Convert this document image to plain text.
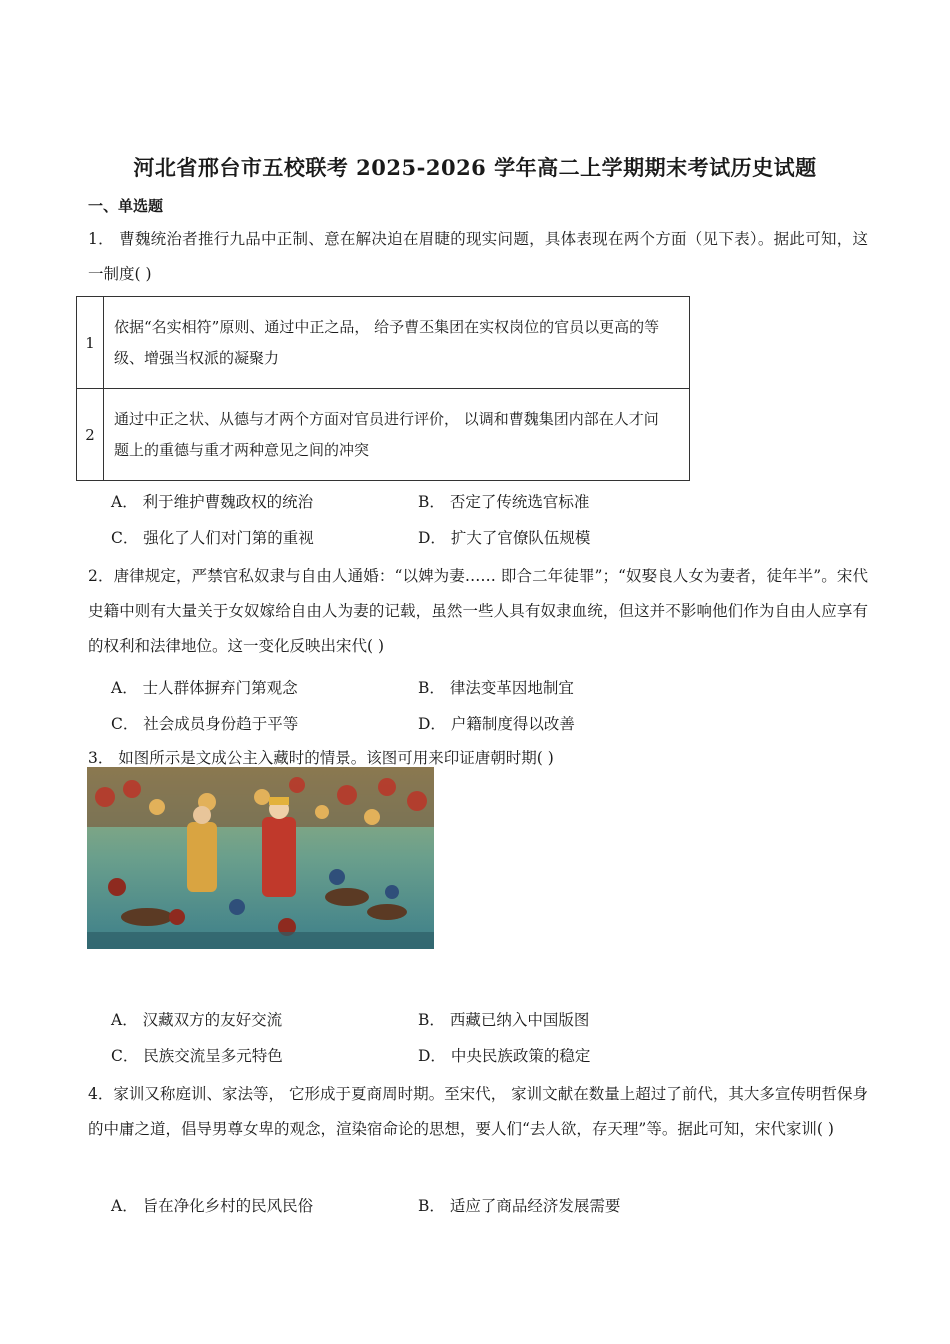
河北省邢台市五校联考 2025-2026 学年高二上学期期末考试历史试题
一、单选题
1． 曹魏统治者推行九品中正制、意在解决迫在眉睫的现实问题，具体表现在两个方面（见下表）。据此可知，这一制度( )
1	依据“名实相符”原则、通过中正之品， 给予曹丕集团在实权岗位的官员以更高的等级、增强当权派的凝聚力
2	通过中正之状、从德与才两个方面对官员进行评价， 以调和曹魏集团内部在人才问题上的重德与重才两种意见之间的冲突
A． 利于维护曹魏政权的统治	B． 否定了传统选官标准
C． 强化了人们对门第的重视	D． 扩大了官僚队伍规模
2．唐律规定，严禁官私奴隶与自由人通婚：“以婢为妻…… 即合二年徒罪”；“奴娶良人女为妻者，徒年半”。宋代史籍中则有大量关于女奴嫁给自由人为妻的记载，虽然一些人具有奴隶血统，但这并不影响他们作为自由人应享有的权利和法律地位。这一变化反映出宋代( )
A． 士人群体摒弃门第观念	B． 律法变革因地制宜
C． 社会成员身份趋于平等	D． 户籍制度得以改善
3． 如图所示是文成公主入藏时的情景。该图可用来印证唐朝时期( )
A． 汉藏双方的友好交流	B． 西藏已纳入中国版图
C． 民族交流呈多元特色	D． 中央民族政策的稳定
4．家训又称庭训、家法等， 它形成于夏商周时期。至宋代， 家训文献在数量上超过了前代，其大多宣传明哲保身的中庸之道，倡导男尊女卑的观念，渲染宿命论的思想，要人们“去人欲，存天理”等。据此可知，宋代家训( )
A． 旨在净化乡村的民风民俗	B． 适应了商品经济发展需要
